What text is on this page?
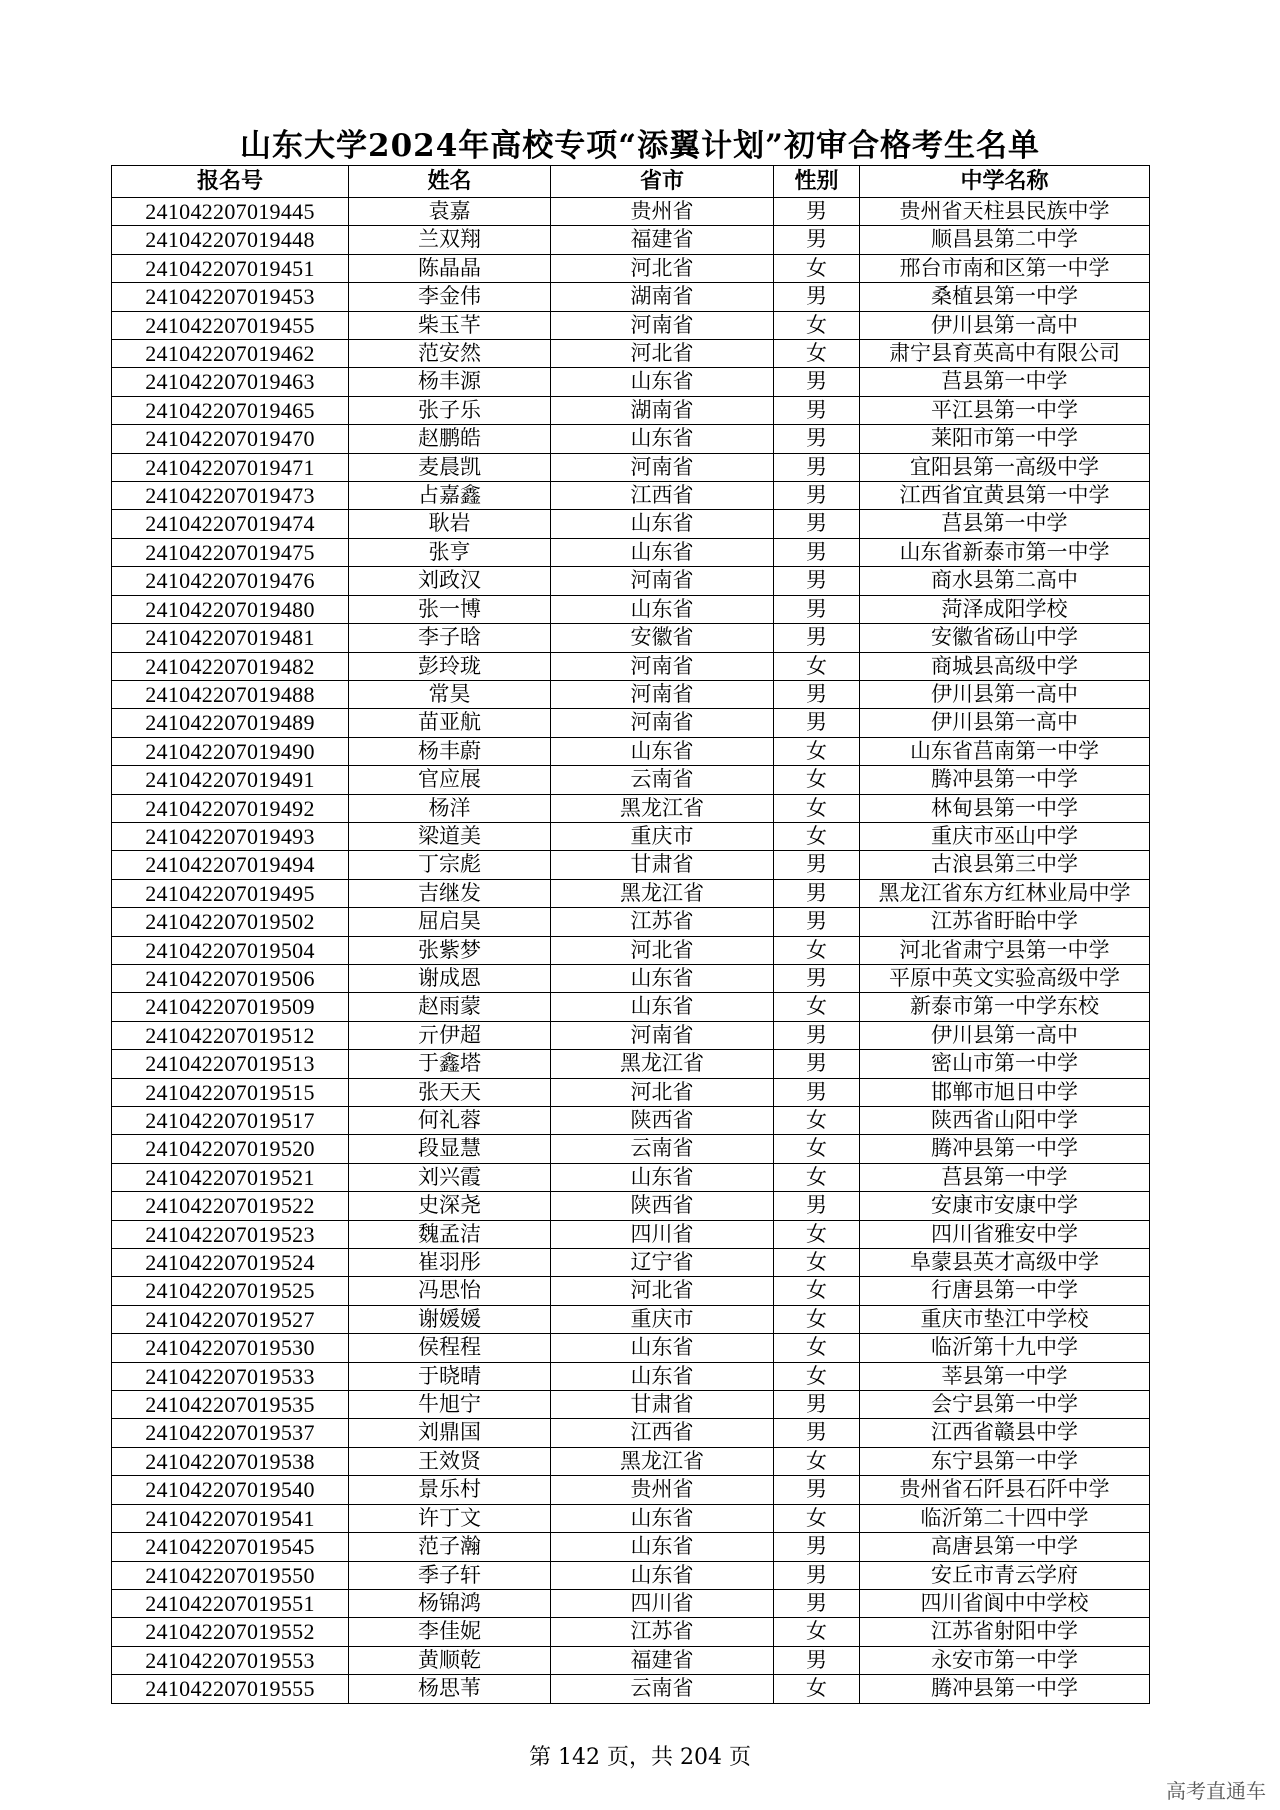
山东大学2024年高校专项“添翼计划”初审合格考生名单
报名号	姓名	省市	性别	中学名称
241042207019445	袁嘉	贵州省	男	贵州省天柱县民族中学
241042207019448	兰双翔	福建省	男	顺昌县第二中学
241042207019451	陈晶晶	河北省	女	邢台市南和区第一中学
241042207019453	李金伟	湖南省	男	桑植县第一中学
241042207019455	柴玉芊	河南省	女	伊川县第一高中
241042207019462	范安然	河北省	女	肃宁县育英高中有限公司
241042207019463	杨丰源	山东省	男	莒县第一中学
241042207019465	张子乐	湖南省	男	平江县第一中学
241042207019470	赵鹏皓	山东省	男	莱阳市第一中学
241042207019471	麦晨凯	河南省	男	宜阳县第一高级中学
241042207019473	占嘉鑫	江西省	男	江西省宜黄县第一中学
241042207019474	耿岩	山东省	男	莒县第一中学
241042207019475	张亨	山东省	男	山东省新泰市第一中学
241042207019476	刘政汉	河南省	男	商水县第二高中
241042207019480	张一博	山东省	男	菏泽成阳学校
241042207019481	李子晗	安徽省	男	安徽省砀山中学
241042207019482	彭玲珑	河南省	女	商城县高级中学
241042207019488	常昊	河南省	男	伊川县第一高中
241042207019489	苗亚航	河南省	男	伊川县第一高中
241042207019490	杨丰蔚	山东省	女	山东省莒南第一中学
241042207019491	官应展	云南省	女	腾冲县第一中学
241042207019492	杨洋	黑龙江省	女	林甸县第一中学
241042207019493	梁道美	重庆市	女	重庆市巫山中学
241042207019494	丁宗彪	甘肃省	男	古浪县第三中学
241042207019495	吉继发	黑龙江省	男	黑龙江省东方红林业局中学
241042207019502	屈启昊	江苏省	男	江苏省盱眙中学
241042207019504	张紫梦	河北省	女	河北省肃宁县第一中学
241042207019506	谢成恩	山东省	男	平原中英文实验高级中学
241042207019509	赵雨蒙	山东省	女	新泰市第一中学东校
241042207019512	亓伊超	河南省	男	伊川县第一高中
241042207019513	于鑫塔	黑龙江省	男	密山市第一中学
241042207019515	张天天	河北省	男	邯郸市旭日中学
241042207019517	何礼蓉	陕西省	女	陕西省山阳中学
241042207019520	段显慧	云南省	女	腾冲县第一中学
241042207019521	刘兴霞	山东省	女	莒县第一中学
241042207019522	史深尧	陕西省	男	安康市安康中学
241042207019523	魏孟洁	四川省	女	四川省雅安中学
241042207019524	崔羽彤	辽宁省	女	阜蒙县英才高级中学
241042207019525	冯思怡	河北省	女	行唐县第一中学
241042207019527	谢媛媛	重庆市	女	重庆市垫江中学校
241042207019530	侯程程	山东省	女	临沂第十九中学
241042207019533	于晓晴	山东省	女	莘县第一中学
241042207019535	牛旭宁	甘肃省	男	会宁县第一中学
241042207019537	刘鼎国	江西省	男	江西省赣县中学
241042207019538	王效贤	黑龙江省	女	东宁县第一中学
241042207019540	景乐村	贵州省	男	贵州省石阡县石阡中学
241042207019541	许丁文	山东省	女	临沂第二十四中学
241042207019545	范子瀚	山东省	男	高唐县第一中学
241042207019550	季子轩	山东省	男	安丘市青云学府
241042207019551	杨锦鸿	四川省	男	四川省阆中中学校
241042207019552	李佳妮	江苏省	女	江苏省射阳中学
241042207019553	黄顺乾	福建省	男	永安市第一中学
241042207019555	杨思苇	云南省	女	腾冲县第一中学
第 142 页，共 204 页
高考直通车
